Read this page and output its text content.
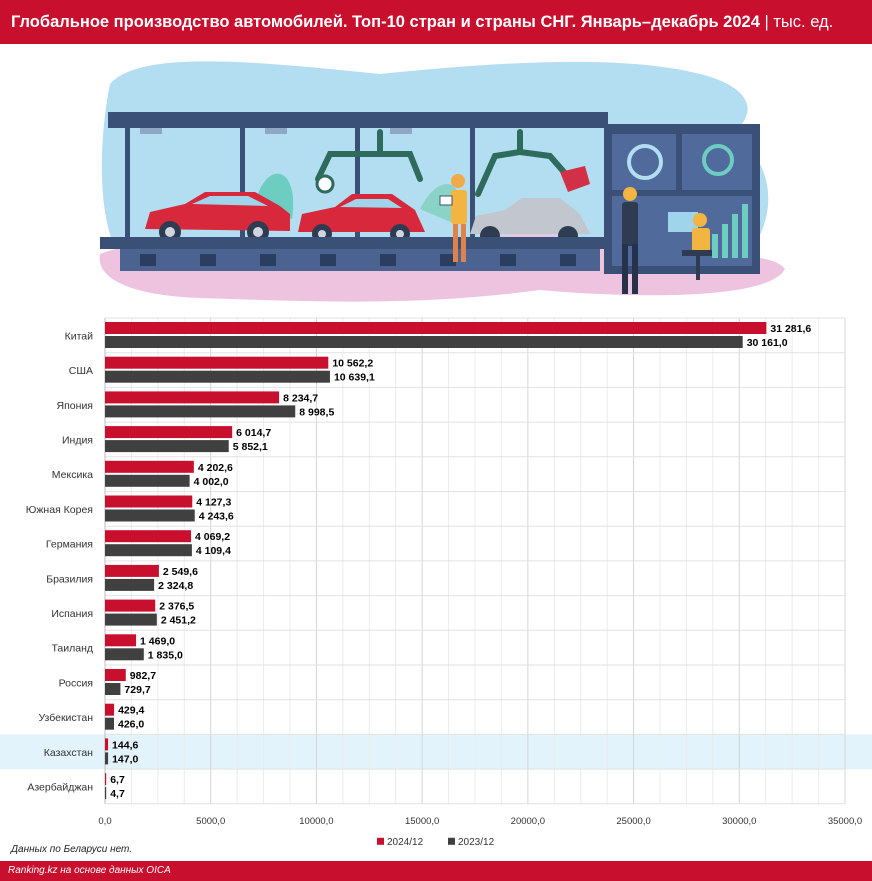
Глобальное производство автомобилей. Топ-10 стран и страны СНГ. Январь–декабрь 2024 | тыс. ед.
Китай
31 281,6
30 161,0
США
10 562,2
10 639,1
Япония
8 234,7
8 998,5
Индия
6 014,7
5 852,1
Мексика
4 202,6
4 002,0
Южная Корея
4 127,3
4 243,6
Германия
4 069,2
4 109,4
Бразилия
2 549,6
2 324,8
Испания
2 376,5
2 451,2
Таиланд
1 469,0
1 835,0
Россия
982,7
729,7
Узбекистан
429,4
426,0
Казахстан
144,6
147,0
Азербайджан
6,7
4,7
0,0	5000,0	10000,0	15000,0	20000,0	25000,0	30000,0	35000,0
2024/12	2023/12
Данных по Беларуси нет.
Ranking.kz на основе данных OICA
